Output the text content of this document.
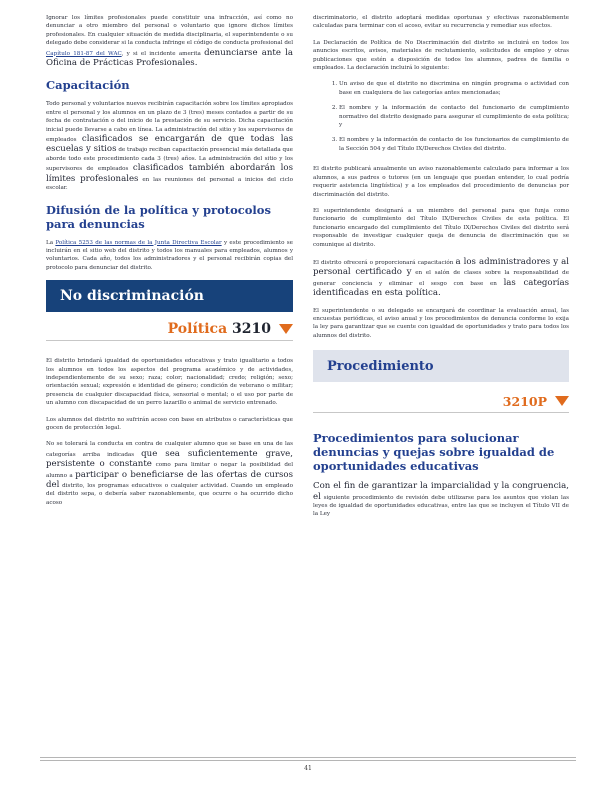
Ignorar los límites profesionales puede constituir una infracción, así como no denunciar a otro miembro del personal o voluntario que ignore dichos límites profesionales. En cualquier situación de medida disciplinaria, el superintendente o su delegado debe considerar si la conducta infringe el código de conducta profesional del Capítulo 181-87 del WAC, y si el incidente amerita denunciarse ante la Oficina de Prácticas Profesionales.

Capacitación

Todo personal y voluntarios nuevos recibirán capacitación sobre los límites apropiados entre el personal y los alumnos en un plazo de 3 (tres) meses contados a partir de su fecha de contratación o del inicio de la prestación de su servicio. Dicha capacitación inicial puede llevarse a cabo en línea. La administración del sitio y los supervisores de empleados clasificados se encargarán de que todas las escuelas y sitios de trabajo reciban capacitación presencial más detallada que aborde todo este procedimiento cada 3 (tres) años. La administración del sitio y los supervisores de empleados clasificados también abordarán los límites profesionales en las reuniones del personal a inicios del ciclo escolar.

Difusión de la política y protocolos para denuncias

La Política 5253 de las normas de la Junta Directiva Escolar y este procedimiento se incluirán en el sitio web del distrito y todos los manuales para empleados, alumnos y voluntarios. Cada año, todos los administradores y el personal recibirán copias del protocolo para denunciar del distrito.

No discriminación
Política 3210

El distrito brindará igualdad de oportunidades educativas y trato igualitario a todos los alumnos en todos los aspectos del programa académico y de actividades, independientemente de su sexo; raza; color; nacionalidad; credo; religión; sexo; orientación sexual; expresión e identidad de género; condición de veterano o militar; presencia de cualquier discapacidad física, sensorial o mental; o el uso por parte de un alumno con discapacidad de un perro lazarillo o animal de servicio entrenado.

Los alumnos del distrito no sufrirán acoso con base en atributos o características que gocen de protección legal.

No se tolerará la conducta en contra de cualquier alumno que se base en una de las categorías arriba indicadas que sea suficientemente grave, persistente o constante como para limitar o negar la posibilidad del alumno a participar o beneficiarse de las ofertas de cursos del distrito, los programas educativos o cualquier actividad. Cuando un empleado del distrito sepa, o debería saber razonablemente, que ocurre o ha ocurrido dicho acoso

discriminatorio, el distrito adoptará medidas oportunas y efectivas razonablemente calculadas para terminar con el acoso, evitar su recurrencia y remediar sus efectos.

La Declaración de Política de No Discriminación del distrito se incluirá en todos los anuncios escritos, avisos, materiales de reclutamiento, solicitudes de empleo y otras publicaciones que estén a disposición de todos los alumnos, padres de familia o empleados. La declaración incluirá lo siguiente:

1. Un aviso de que el distrito no discrimina en ningún programa o actividad con base en cualquiera de las categorías antes mencionadas;
2. El nombre y la información de contacto del funcionario de cumplimiento normativo del distrito designado para asegurar el cumplimiento de esta política; y
3. El nombre y la información de contacto de los funcionarios de cumplimiento de la Sección 504 y del Título IX/Derechos Civiles del distrito.

El distrito publicará anualmente un aviso razonablemente calculado para informar a los alumnos, a sus padres o tutores (en un lenguaje que puedan entender, lo cual podría requerir asistencia lingüística) y a los empleados del procedimiento de denuncias por discriminación del distrito.

El superintendente designará a un miembro del personal para que funja como funcionario de cumplimiento del Título IX/Derechos Civiles de esta política. El funcionario encargado del cumplimiento del Título IX/Derechos Civiles del distrito será responsable de investigar cualquier queja de denuncia de discriminación que se comunique al distrito.

El distrito ofrecerá o proporcionará capacitación a los administradores y al personal certificado y en el salón de clases sobre la responsabilidad de generar conciencia y eliminar el sesgo con base en las categorías identificadas en esta política.

El superintendente o su delegado se encargará de coordinar la evaluación anual, las encuestas periódicas, el aviso anual y los procedimientos de denuncia conforme lo exija la ley para garantizar que se cuente con igualdad de oportunidades y trato para todos los alumnos del distrito.

Procedimiento
3210P
Procedimientos para solucionar denuncias y quejas sobre igualdad de oportunidades educativas

Con el fin de garantizar la imparcialidad y la congruencia, el siguiente procedimiento de revisión debe utilizarse para los asuntos que violan las leyes de igualdad de oportunidades educativas, entre las que se incluyen el Título VII de la Ley

41
